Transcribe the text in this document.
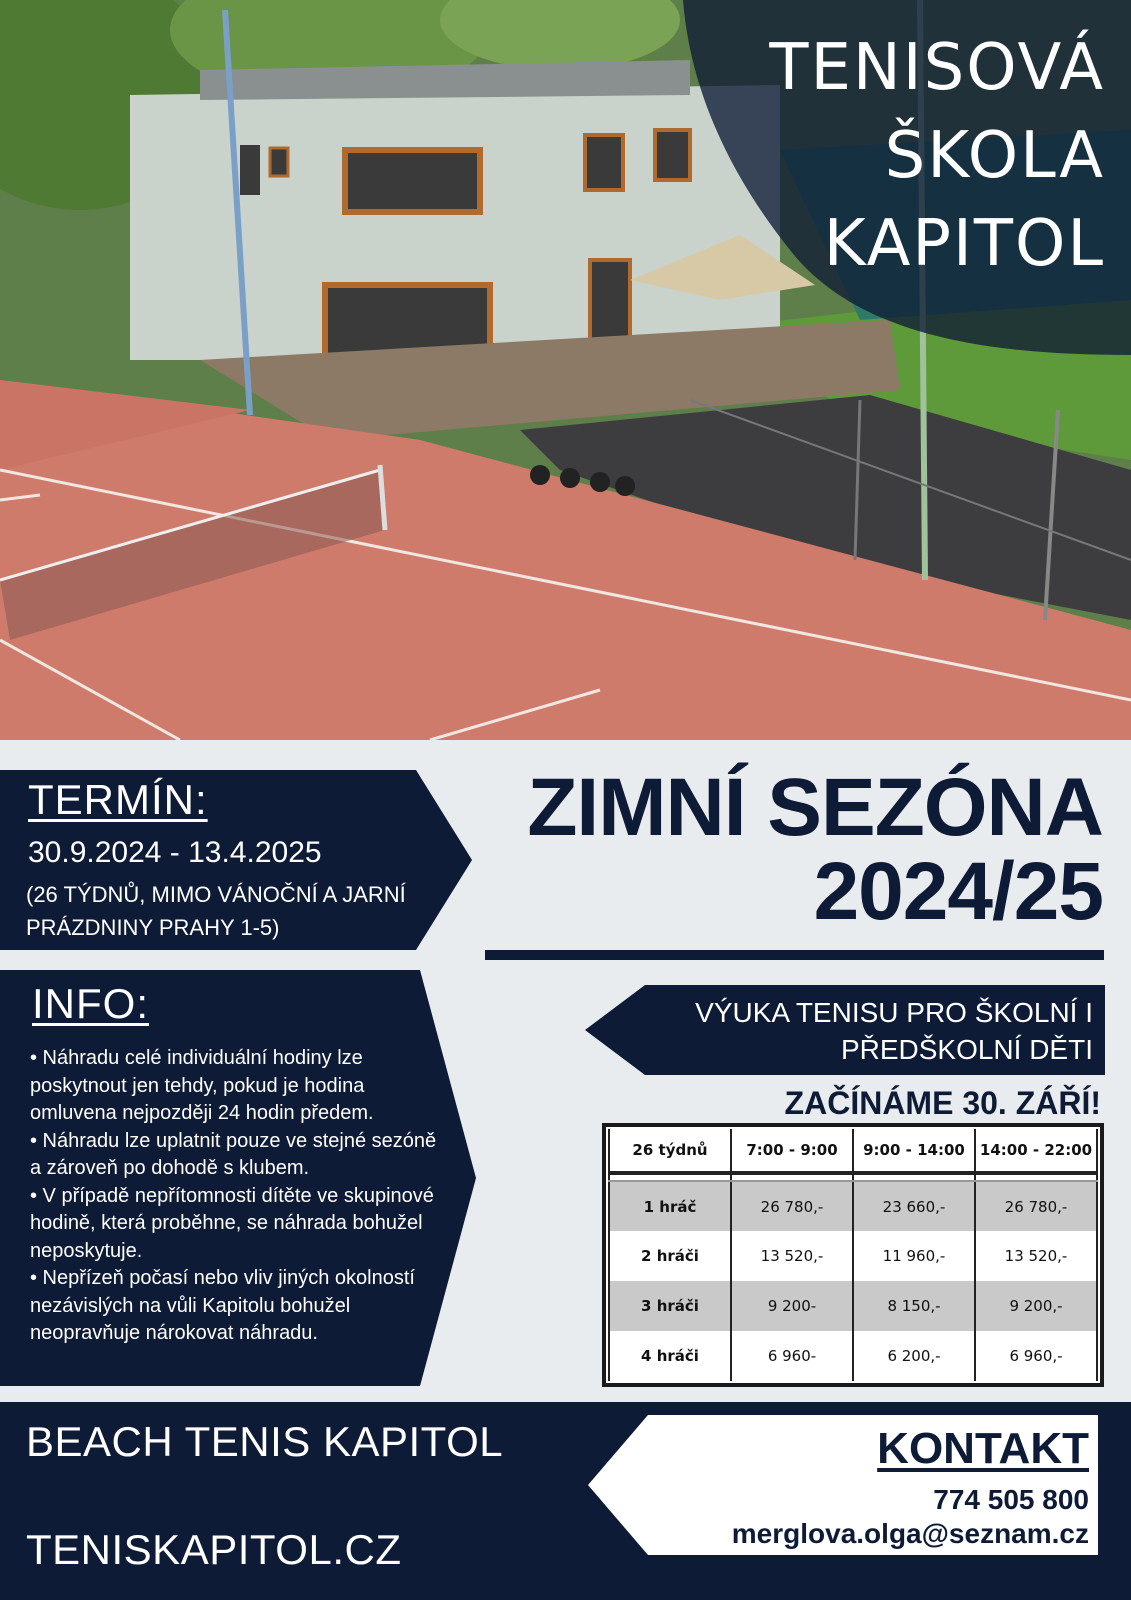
TENISOVÁ
ŠKOLA
KAPITOL
TERMÍN:
30.9.2024 - 13.4.2025
(26 TÝDNŮ, MIMO VÁNOČNÍ A JARNÍ PRÁZDNINY PRAHY 1-5)
ZIMNÍ SEZÓNA
2024/25
INFO:
• Náhradu celé individuální hodiny lze poskytnout jen tehdy, pokud je hodina omluvena nejpozději 24 hodin předem.
• Náhradu lze uplatnit pouze ve stejné sezóně a zároveň po dohodě s klubem.
• V případě nepřítomnosti dítěte ve skupinové hodině, která proběhne, se náhrada bohužel neposkytuje.
• Nepřízeň počasí nebo vliv jiných okolností nezávislých na vůli Kapitolu bohužel neopravňuje nárokovat náhradu.
VÝUKA TENISU PRO ŠKOLNÍ I PŘEDŠKOLNÍ DĚTI
ZAČÍNÁME 30. ZÁŘÍ!
26 týdnů	7:00 - 9:00	9:00 - 14:00	14:00 - 22:00

1 hráč	26 780,-	23 660,-	26 780,-
2 hráči	13 520,-	11 960,-	13 520,-
3 hráči	9 200-	8 150,-	9 200,-
4 hráči	6 960-	6 200,-	6 960,-
BEACH TENIS KAPITOL
TENISKAPITOL.CZ
KONTAKT
774 505 800
merglova.olga@seznam.cz
